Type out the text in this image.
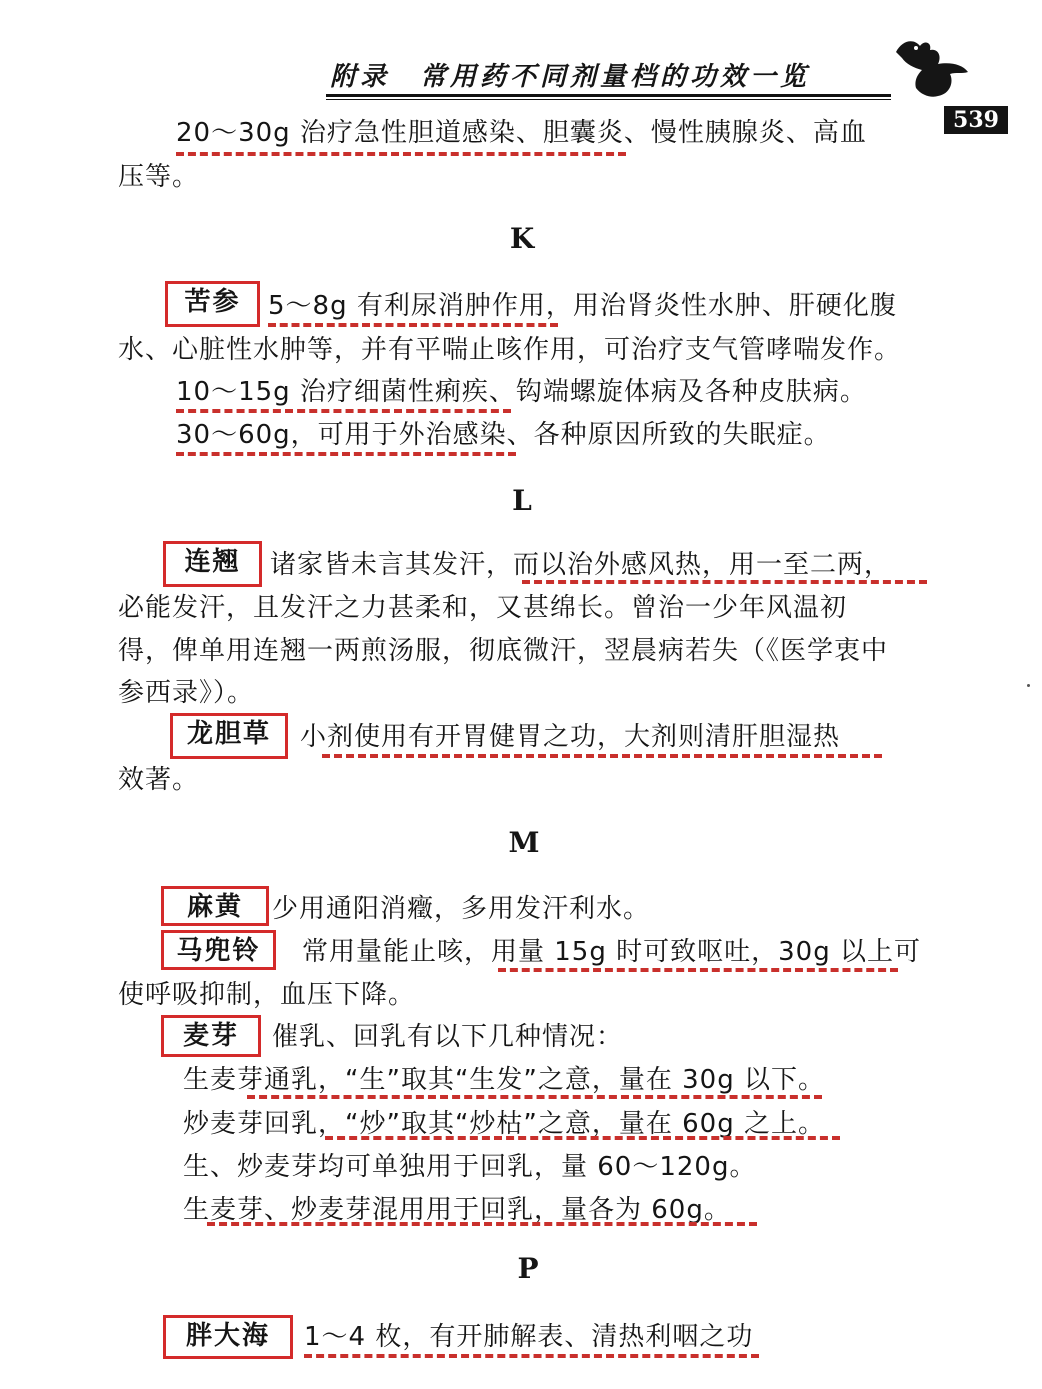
附录　常用药不同剂量档的功效一览
539
20～30g 治疗急性胆道感染、胆囊炎、慢性胰腺炎、高血
压等。
K
苦参	5～8g 有利尿消肿作用，用治肾炎性水肿、肝硬化腹
水、心脏性水肿等，并有平喘止咳作用，可治疗支气管哮喘发作。
10～15g 治疗细菌性痢疾、钩端螺旋体病及各种皮肤病。
30～60g，可用于外治感染、各种原因所致的失眠症。
L
连翘	诸家皆未言其发汗，而以治外感风热，用一至二两，
必能发汗，且发汗之力甚柔和，又甚绵长。曾治一少年风温初
得，俾单用连翘一两煎汤服，彻底微汗，翌晨病若失（《医学衷中
参西录》）。
龙胆草	小剂使用有开胃健胃之功，大剂则清肝胆湿热
效著。
M
麻黄	少用通阳消癥，多用发汗利水。
马兜铃	常用量能止咳，用量 15g 时可致呕吐，30g 以上可
使呼吸抑制，血压下降。
麦芽	催乳、回乳有以下几种情况：
生麦芽通乳，“生”取其“生发”之意，量在 30g 以下。
炒麦芽回乳，“炒”取其“炒枯”之意，量在 60g 之上。
生、炒麦芽均可单独用于回乳，量 60～120g。
生麦芽、炒麦芽混用用于回乳，量各为 60g。
P
胖大海	1～4 枚，有开肺解表、清热利咽之功
